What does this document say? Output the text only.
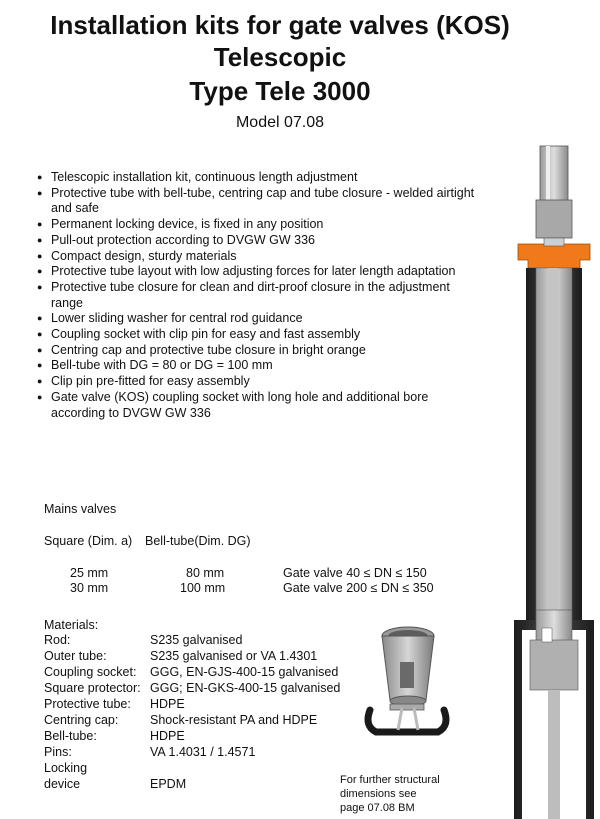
Installation kits for gate valves (KOS)
Telescopic
Type Tele 3000
Model 07.08
● Telescopic installation kit, continuous length adjustment
● Protective tube with bell-tube, centring cap and tube closure - welded airtight and safe
● Permanent locking device, is fixed in any position
● Pull-out protection according to DVGW GW 336
● Compact design, sturdy materials
● Protective tube layout with low adjusting forces for later length adaptation
● Protective tube closure for clean and dirt-proof closure in the adjustment range
● Lower sliding washer for central rod guidance
● Coupling socket with clip pin for easy and fast assembly
● Centring cap and protective tube closure in bright orange
● Bell-tube with DG = 80 or DG = 100 mm
● Clip pin pre-fitted for easy assembly
● Gate valve (KOS) coupling socket with long hole and additional bore according to DVGW GW 336
Mains valves
Square (Dim. a) Bell-tube(Dim. DG)
25 mm	80 mm	Gate valve 40 ≤ DN ≤ 150
30 mm	100 mm	Gate valve 200 ≤ DN ≤ 350
Materials:
Rod:	S235 galvanised
Outer tube:	S235 galvanised or VA 1.4301
Coupling socket: GGG, EN-GJS-400-15 galvanised
Square protector: GGG; EN-GKS-400-15 galvanised
Protective tube: HDPE
Centring cap:	Shock-resistant PA and HDPE
Bell-tube:	HDPE
Pins:	VA 1.4031 / 1.4571
Locking
device	EPDM	For further structural
dimensions see
page 07.08 BM
